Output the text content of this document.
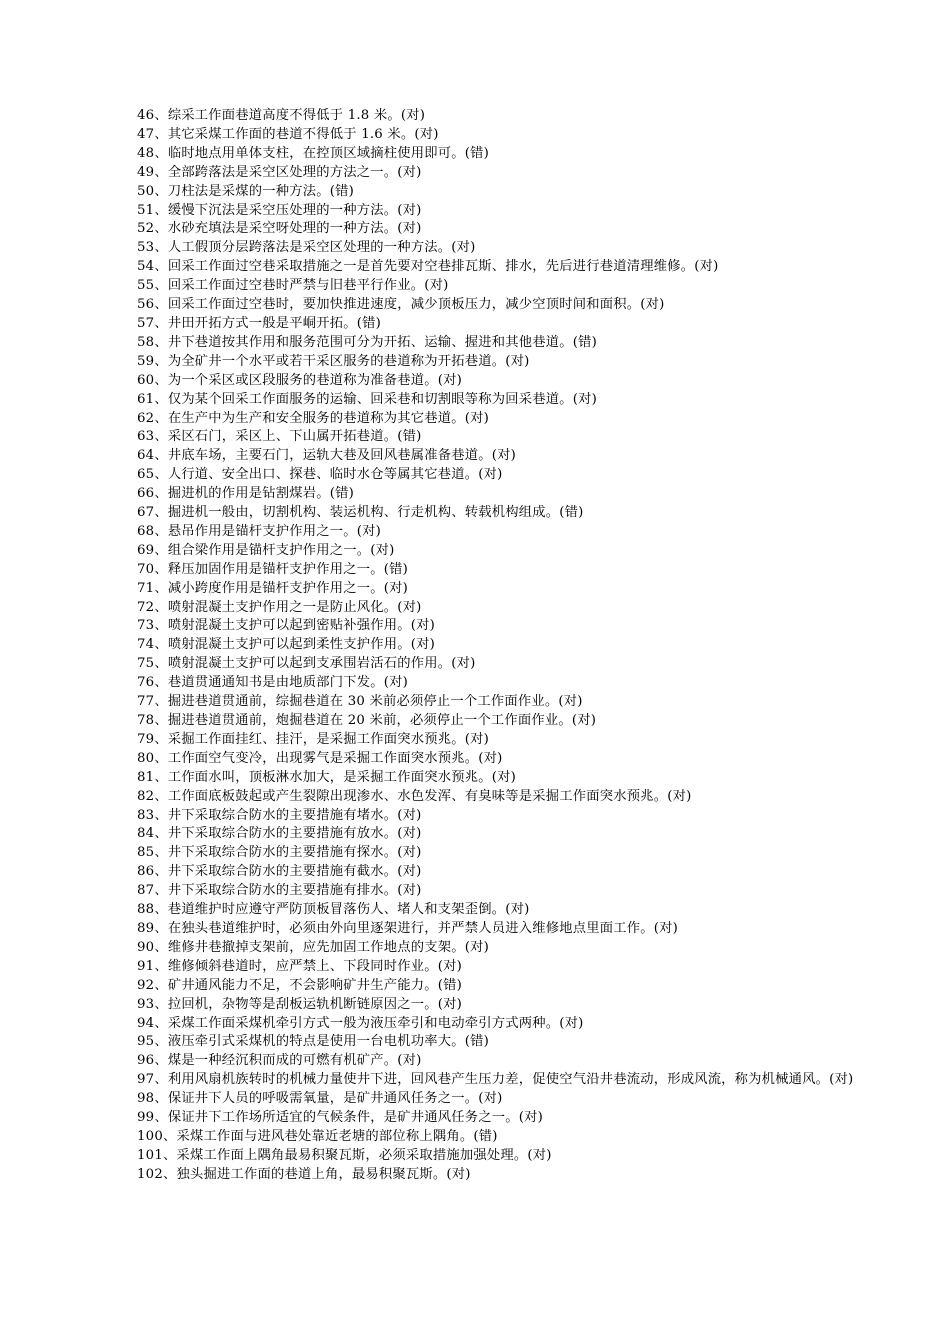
46、综采工作面巷道高度不得低于 1.8 米。(对)

47、其它采煤工作面的巷道不得低于 1.6 米。(对)

48、临时地点用单体支柱，在控顶区域摘柱使用即可。(错)

49、全部跨落法是采空区处理的方法之一。(对)

50、刀柱法是采煤的一种方法。(错)

51、缓慢下沉法是采空压处理的一种方法。(对)

52、水砂充填法是采空呀处理的一种方法。(对)

53、人工假顶分层跨落法是采空区处理的一种方法。(对)

54、回采工作面过空巷采取措施之一是首先要对空巷排瓦斯、排水，先后进行巷道清理维修。(对)

55、回采工作面过空巷时严禁与旧巷平行作业。(对)

56、回采工作面过空巷时，要加快推进速度，减少顶板压力，减少空顶时间和面积。(对)

57、井田开拓方式一般是平峒开拓。(错)

58、井下巷道按其作用和服务范围可分为开拓、运输、握进和其他巷道。(错)

59、为全矿井一个水平或若干采区服务的巷道称为开拓巷道。(对)

60、为一个采区或区段服务的巷道称为准备巷道。(对)

61、仅为某个回采工作面服务的运输、回采巷和切割眼等称为回采巷道。(对)

62、在生产中为生产和安全服务的巷道称为其它巷道。(对)

63、采区石门，采区上、下山属开拓巷道。(错)

64、井底车场，主要石门，运轨大巷及回风巷属准备巷道。(对)

65、人行道、安全出口、探巷、临时水仓等属其它巷道。(对)

66、掘进机的作用是钻割煤岩。(错)

67、掘进机一般由，切割机构、装运机构、行走机构、转载机构组成。(错)

68、悬吊作用是锚杆支护作用之一。(对)

69、组合梁作用是锚杆支护作用之一。(对)

70、释压加固作用是锚杆支护作用之一。(错)

71、减小跨度作用是锚杆支护作用之一。(对)

72、喷射混凝土支护作用之一是防止风化。(对)

73、喷射混凝土支护可以起到密贴补强作用。(对)

74、喷射混凝土支护可以起到柔性支护作用。(对)

75、喷射混凝土支护可以起到支承围岩活石的作用。(对)

76、巷道贯通通知书是由地质部门下发。(对)

77、掘进巷道贯通前，综掘巷道在 30 米前必须停止一个工作面作业。(对)

78、掘进巷道贯通前，炮掘巷道在 20 米前，必须停止一个工作面作业。(对)

79、采掘工作面挂红、挂汗，是采掘工作面突水预兆。(对)

80、工作面空气变冷，出现雾气是采掘工作面突水预兆。(对)

81、工作面水叫，顶板淋水加大，是采掘工作面突水预兆。(对)

82、工作面底板鼓起或产生裂隙出现渗水、水色发浑、有臭味等是采掘工作面突水预兆。(对)

83、井下采取综合防水的主要措施有堵水。(对)

84、井下采取综合防水的主要措施有放水。(对)

85、井下采取综合防水的主要措施有探水。(对)

86、井下采取综合防水的主要措施有截水。(对)

87、井下采取综合防水的主要措施有排水。(对)

88、巷道维护时应遵守严防顶板冒落伤人、堵人和支架歪倒。(对)

89、在独头巷道维护时，必须由外向里逐架进行，并严禁人员进入维修地点里面工作。(对)

90、维修井巷撤掉支架前，应先加固工作地点的支架。(对)

91、维修倾斜巷道时，应严禁上、下段同时作业。(对)

92、矿井通风能力不足，不会影响矿井生产能力。(错)

93、拉回机，杂物等是刮板运轨机断链原因之一。(对)

94、采煤工作面采煤机牵引方式一般为液压牵引和电动牵引方式两种。(对)

95、液压牵引式采煤机的特点是使用一台电机功率大。(错)

96、煤是一种经沉积而成的可燃有机矿产。(对)

97、利用风扇机族转时的机械力量使井下进，回风巷产生压力差，促使空气沿井巷流动，形成风流，称为机械通风。(对)

98、保证井下人员的呼吸需氧量，是矿井通风任务之一。(对)

99、保证井下工作场所适宜的气候条件，是矿井通风任务之一。(对)

100、采煤工作面与进风巷处靠近老塘的部位称上隅角。(错)

101、采煤工作面上隅角最易积聚瓦斯，必须采取措施加强处理。(对)

102、独头掘进工作面的巷道上角，最易积聚瓦斯。(对)
